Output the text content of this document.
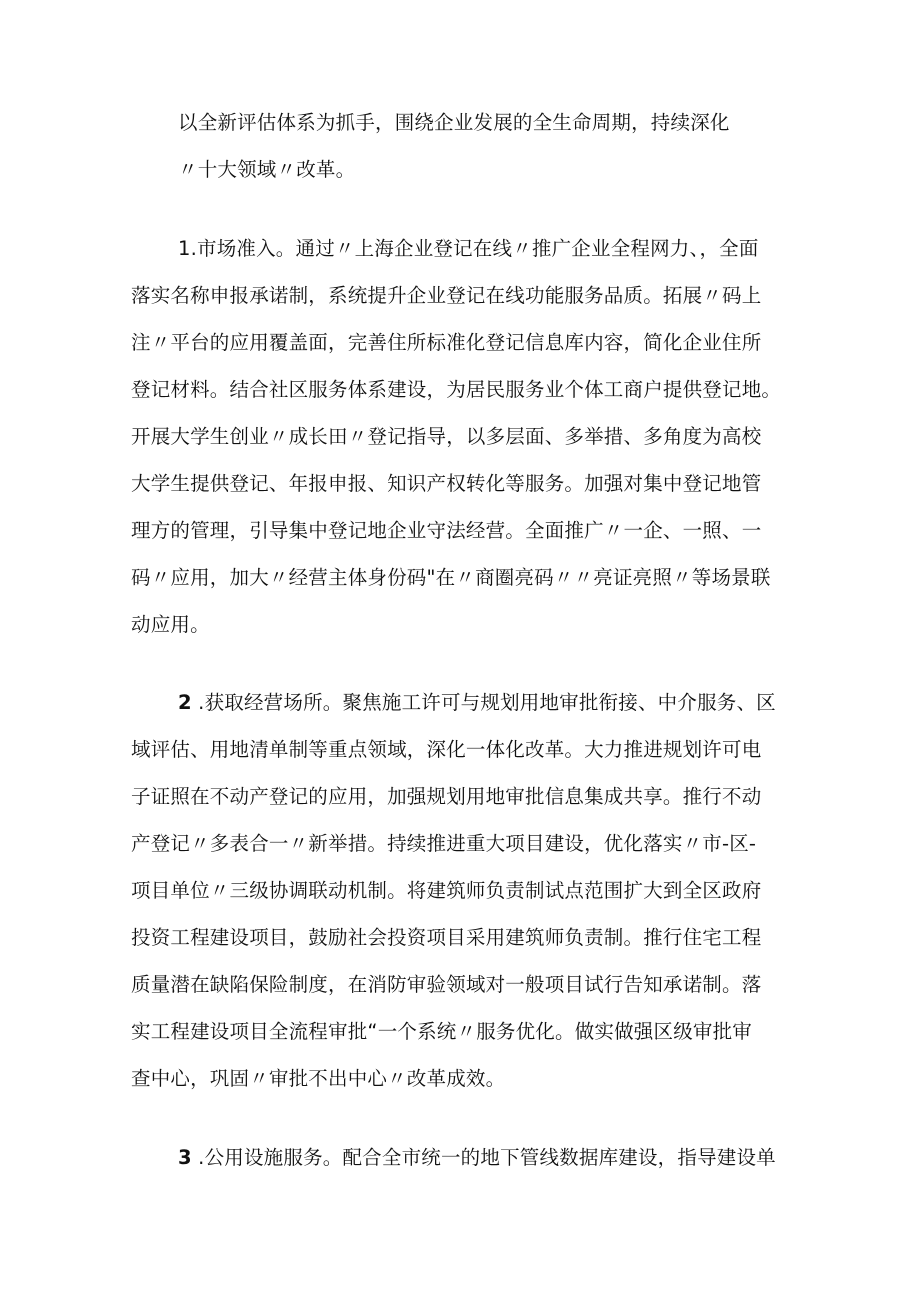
以全新评估体系为抓手，围绕企业发展的全生命周期，持续深化
〃十大领域〃改革。
1.市场准入。通过〃上海企业登记在线〃推广企业全程网力、，全面
落实名称申报承诺制，系统提升企业登记在线功能服务品质。拓展〃码上
注〃平台的应用覆盖面，完善住所标准化登记信息库内容，简化企业住所
登记材料。结合社区服务体系建设，为居民服务业个体工商户提供登记地。
开展大学生创业〃成长田〃登记指导，以多层面、多举措、多角度为高校
大学生提供登记、年报申报、知识产权转化等服务。加强对集中登记地管
理方的管理，引导集中登记地企业守法经营。全面推广〃一企、一照、一
码〃应用，加大〃经营主体身份码"在〃商圈亮码〃〃亮证亮照〃等场景联
动应用。
2 .获取经营场所。聚焦施工许可与规划用地审批衔接、中介服务、区
域评估、用地清单制等重点领域，深化一体化改革。大力推进规划许可电
子证照在不动产登记的应用，加强规划用地审批信息集成共享。推行不动
产登记〃多表合一〃新举措。持续推进重大项目建设，优化落实〃市-区-
项目单位〃三级协调联动机制。将建筑师负责制试点范围扩大到全区政府
投资工程建设项目，鼓励社会投资项目采用建筑师负责制。推行住宅工程
质量潜在缺陷保险制度，在消防审验领域对一般项目试行告知承诺制。落
实工程建设项目全流程审批“一个系统〃服务优化。做实做强区级审批审
查中心，巩固〃审批不出中心〃改革成效。
3 .公用设施服务。配合全市统一的地下管线数据库建设，指导建设单
